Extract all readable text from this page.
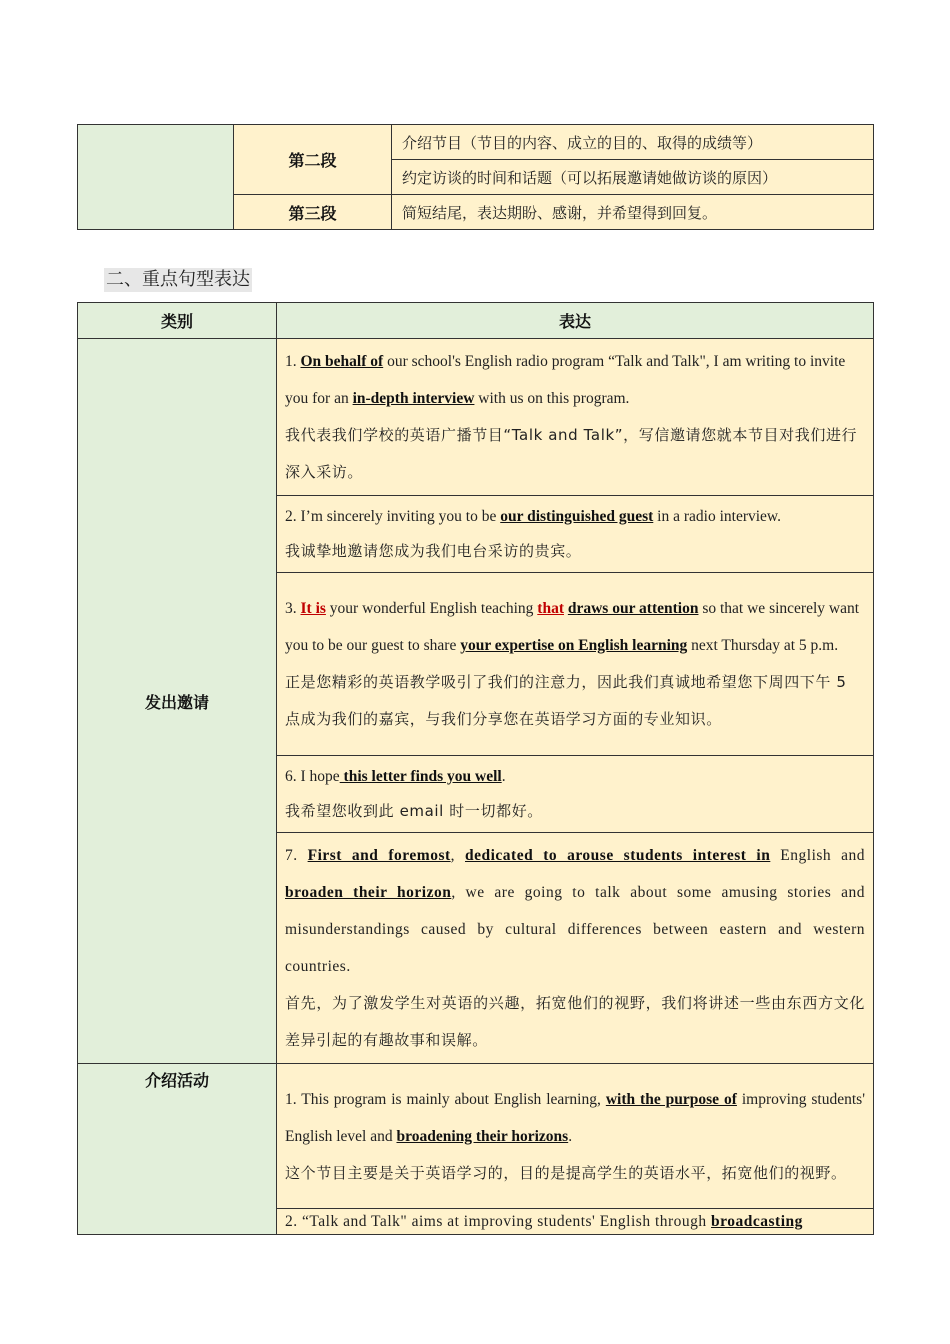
	第二段	介绍节目（节目的内容、成立的目的、取得的成绩等）
		约定访谈的时间和话题（可以拓展邀请她做访谈的原因）
	第三段	简短结尾，表达期盼、感谢，并希望得到回复。
二、重点句型表达
类别	表达
发出邀请	1. On behalf of our school's English radio program “Talk and Talk", I am writing to invite you for an in-depth interview with us on this program.

我代表我们学校的英语广播节目“Talk and Talk”，写信邀请您就本节目对我们进行深入采访。

	2. I’m sincerely inviting you to be our distinguished guest in a radio interview.

我诚挚地邀请您成为我们电台采访的贵宾。

	3. It is your wonderful English teaching that draws our attention so that we sincerely want you to be our guest to share your expertise on English learning next Thursday at 5 p.m.

正是您精彩的英语教学吸引了我们的注意力，因此我们真诚地希望您下周四下午 5 点成为我们的嘉宾，与我们分享您在英语学习方面的专业知识。

	6. I hope this letter finds you well.

我希望您收到此 email 时一切都好。

	7. First and foremost, dedicated to arouse students interest in English and broaden their horizon, we are going to talk about some amusing stories and misunderstandings caused by cultural differences between eastern and western countries.

首先，为了激发学生对英语的兴趣，拓宽他们的视野，我们将讲述一些由东西方文化差异引起的有趣故事和误解。

介绍活动	1. This program is mainly about English learning, with the purpose of improving students' English level and broadening their horizons.

这个节目主要是关于英语学习的，目的是提高学生的英语水平，拓宽他们的视野。

	2. “Talk and Talk" aims at improving students' English through broadcasting
